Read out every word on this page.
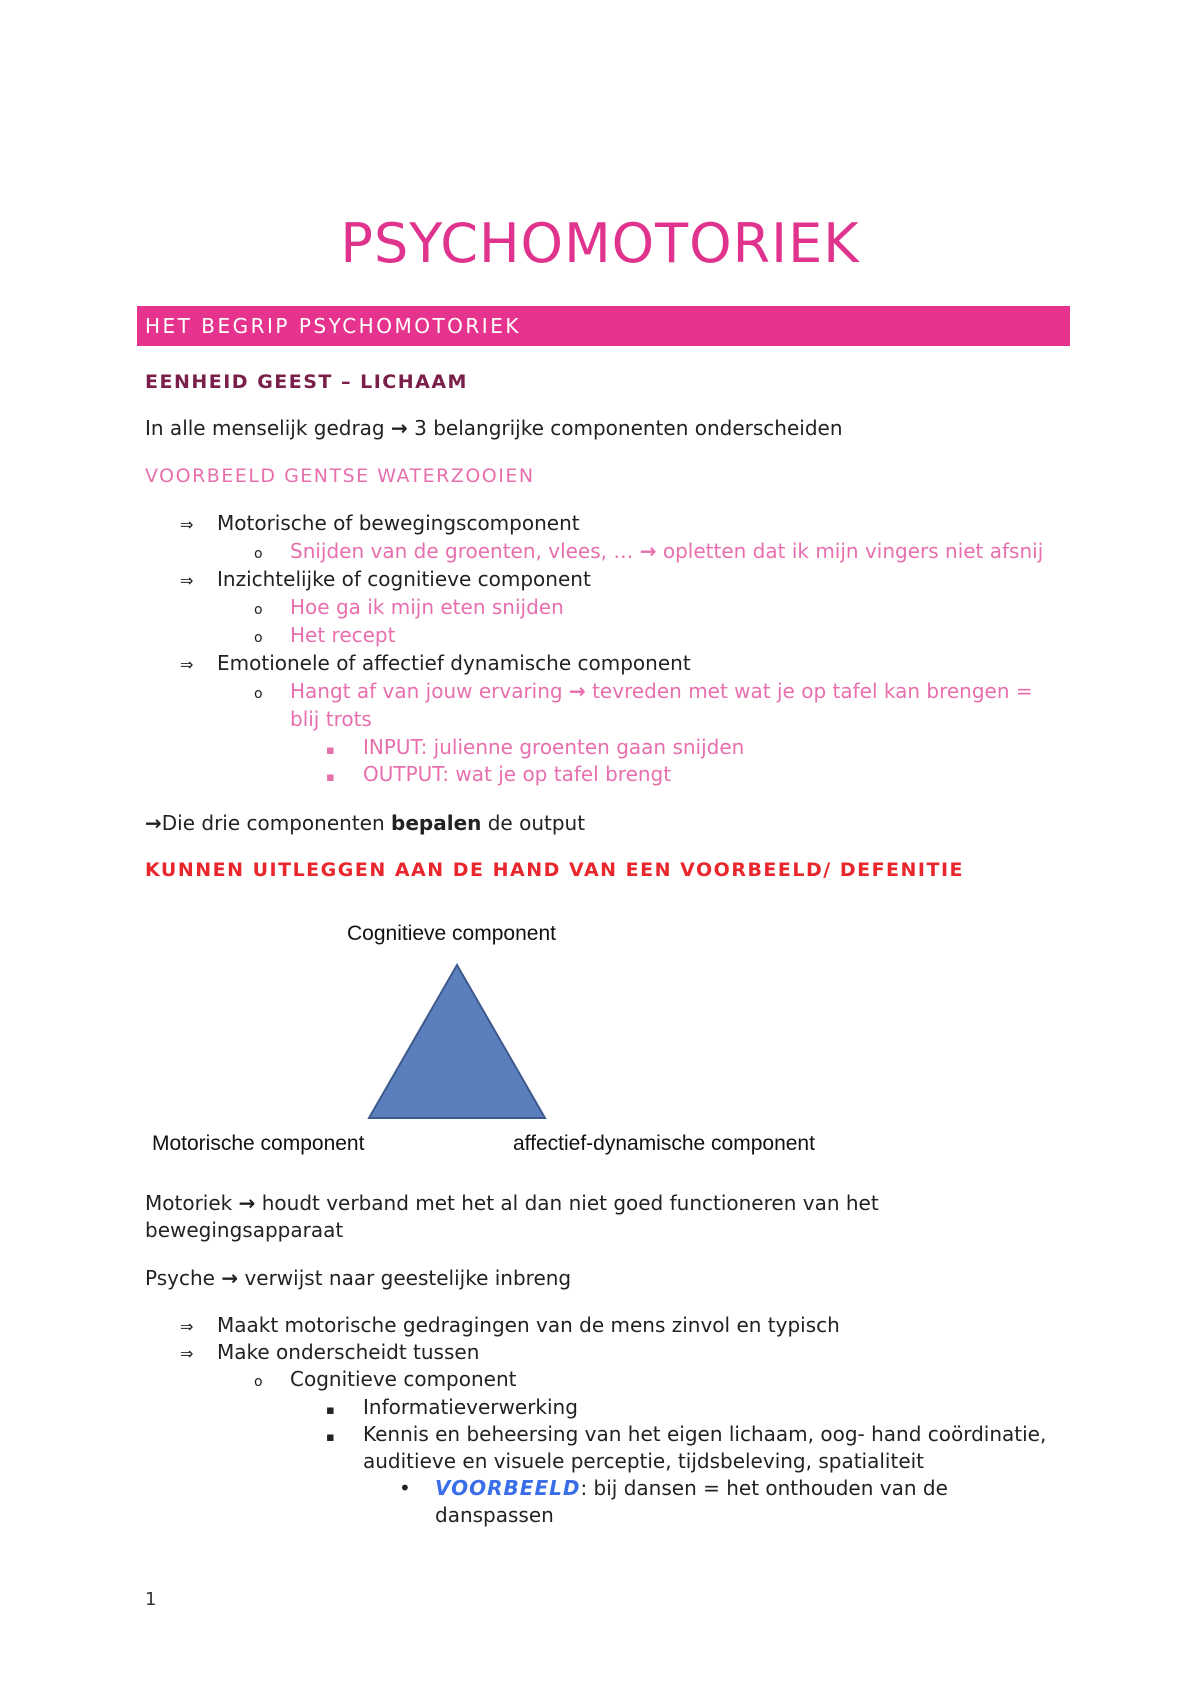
PSYCHOMOTORIEK
HET BEGRIP PSYCHOMOTORIEK
EENHEID GEEST – LICHAAM
In alle menselijk gedrag → 3 belangrijke componenten onderscheiden
VOORBEELD GENTSE WATERZOOIEN
⇒ Motorische of bewegingscomponent
o Snijden van de groenten, vlees, … → opletten dat ik mijn vingers niet afsnij
⇒ Inzichtelijke of cognitieve component
o Hoe ga ik mijn eten snijden
o Het recept
⇒ Emotionele of affectief dynamische component
o Hangt af van jouw ervaring → tevreden met wat je op tafel kan brengen =
blij trots
▪ INPUT: julienne groenten gaan snijden
▪ OUTPUT: wat je op tafel brengt
→Die drie componenten bepalen de output
KUNNEN UITLEGGEN AAN DE HAND VAN EEN VOORBEELD/ DEFENITIE
Cognitieve component
Motorische component	affectief-dynamische component
Motoriek → houdt verband met het al dan niet goed functioneren van het
bewegingsapparaat
Psyche → verwijst naar geestelijke inbreng
⇒ Maakt motorische gedragingen van de mens zinvol en typisch
⇒ Make onderscheidt tussen
o Cognitieve component
▪ Informatieverwerking
▪ Kennis en beheersing van het eigen lichaam, oog- hand coördinatie,
auditieve en visuele perceptie, tijdsbeleving, spatialiteit
• VOORBEELD: bij dansen = het onthouden van de
danspassen
1
